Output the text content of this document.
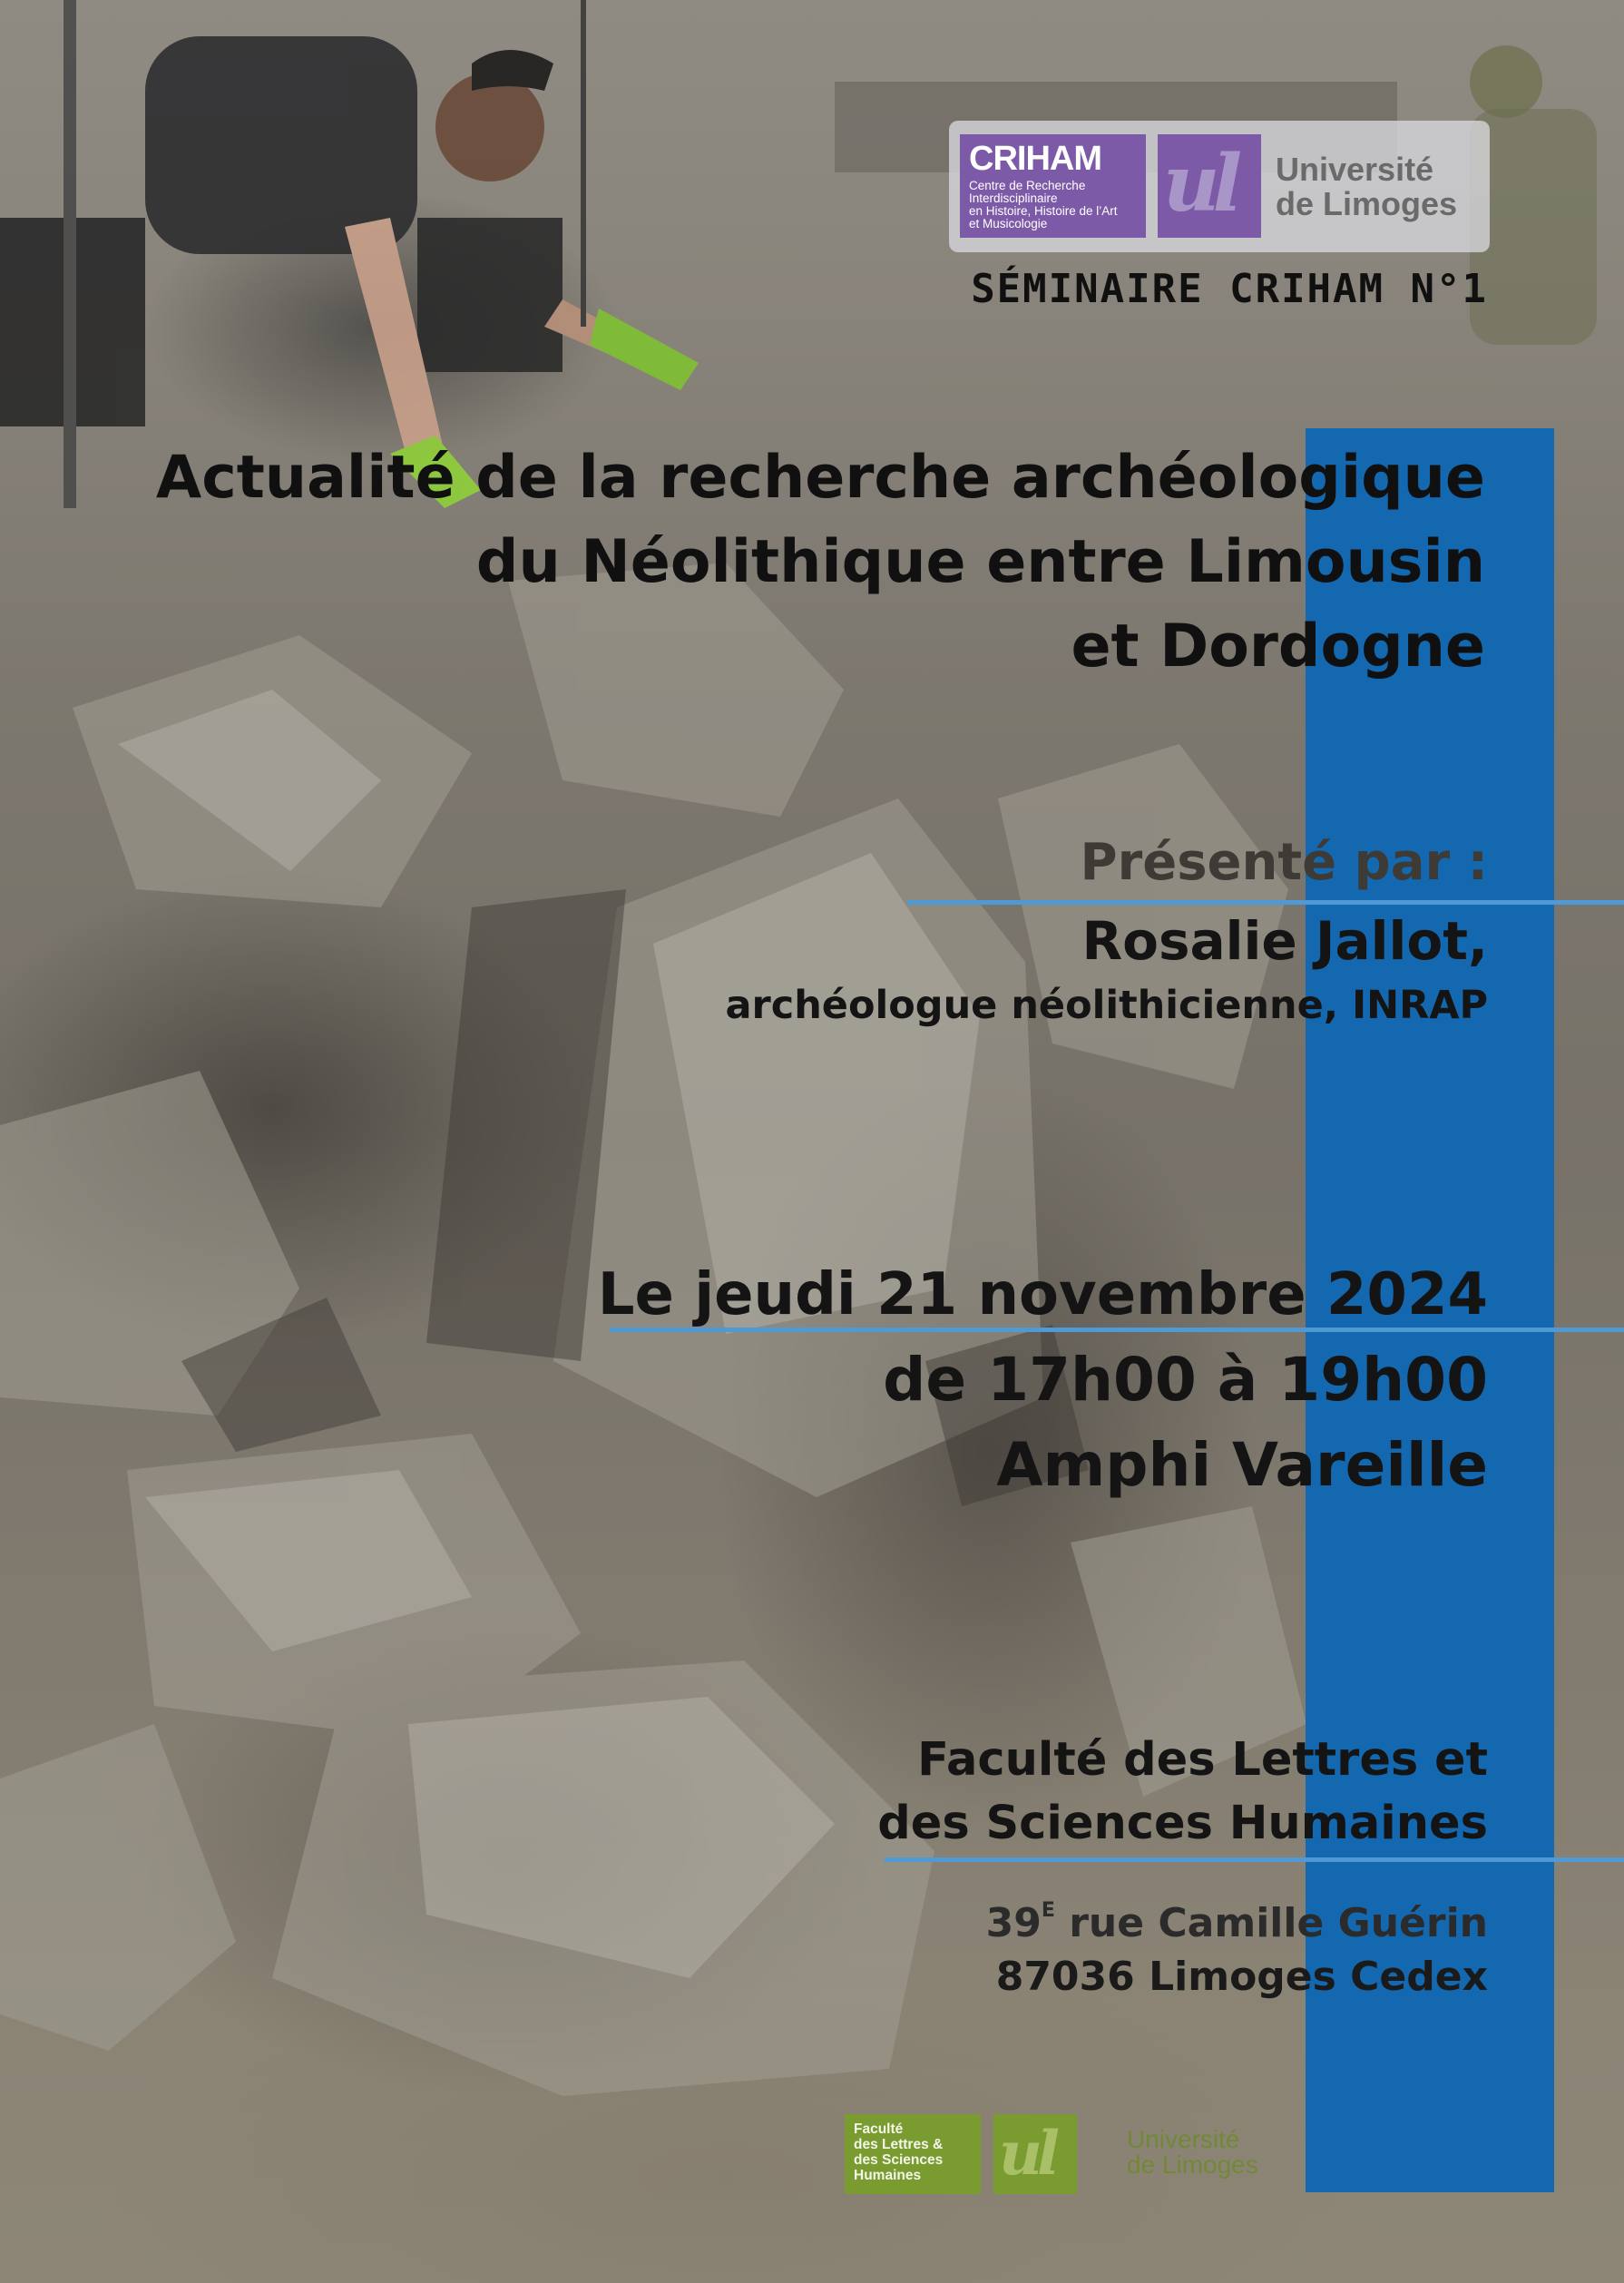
CRIHAM
Centre de Recherche
Interdisciplinaire
en Histoire, Histoire de l’Art
et Musicologie	ul Université
de Limoges
SÉMINAIRE CRIHAM N°1
Actualité de la recherche archéologique
du Néolithique entre Limousin
et Dordogne
Présenté par :
Rosalie Jallot,
archéologue néolithicienne, INRAP
Le jeudi 21 novembre 2024
de 17h00 à 19h00
Amphi Vareille
Faculté des Lettres et
des Sciences Humaines
$39^E$ rue Camille Guérin
87036 Limoges Cedex
Faculté
des Lettres &
des Sciences
Humaines	ul	Université
de Limoges
